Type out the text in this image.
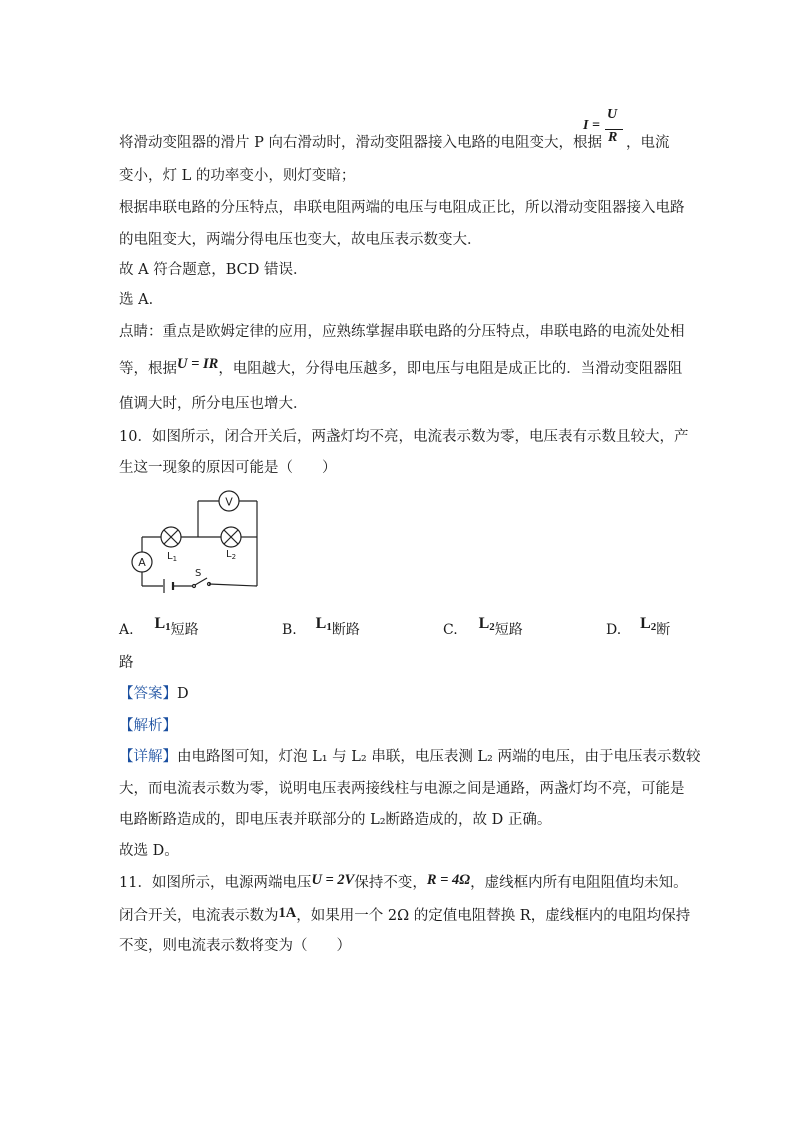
U
I =
R
将滑动变阻器的滑片 P 向右滑动时，滑动变阻器接入电路的电阻变大，根据 ，电流
变小，灯 L 的功率变小，则灯变暗；
根据串联电路的分压特点，串联电阻两端的电压与电阻成正比，所以滑动变阻器接入电路
的电阻变大，两端分得电压也变大，故电压表示数变大．
故 A 符合题意，BCD 错误．
选 A．
点睛：重点是欧姆定律的应用，应熟练掌握串联电路的分压特点，串联电路的电流处处相
等，根据U = IR，电阻越大，分得电压越多，即电压与电阻是成正比的．当滑动变阻器阻
值调大时，所分电压也增大．
10．如图所示，闭合开关后，两盏灯均不亮，电流表示数为零，电压表有示数且较大，产
生这一现象的原因可能是（　　）
V
$L_1$	$L_2$
A
S
A. $L^1$短路	B. $L^1$断路	C. $L^2$短路	D. $L^2$断
路
【答案】D
【解析】
【详解】由电路图可知，灯泡 L₁ 与 L₂ 串联，电压表测 L₂ 两端的电压，由于电压表示数较
大，而电流表示数为零，说明电压表两接线柱与电源之间是通路，两盏灯均不亮，可能是
电路断路造成的，即电压表并联部分的 L₂断路造成的，故 D 正确。
故选 D。
11．如图所示，电源两端电压U = 2V保持不变，R = 4Ω，虚线框内所有电阻阻值均未知。
闭合开关，电流表示数为1A，如果用一个 2Ω 的定值电阻替换 R，虚线框内的电阻均保持
不变，则电流表示数将变为（　　）
